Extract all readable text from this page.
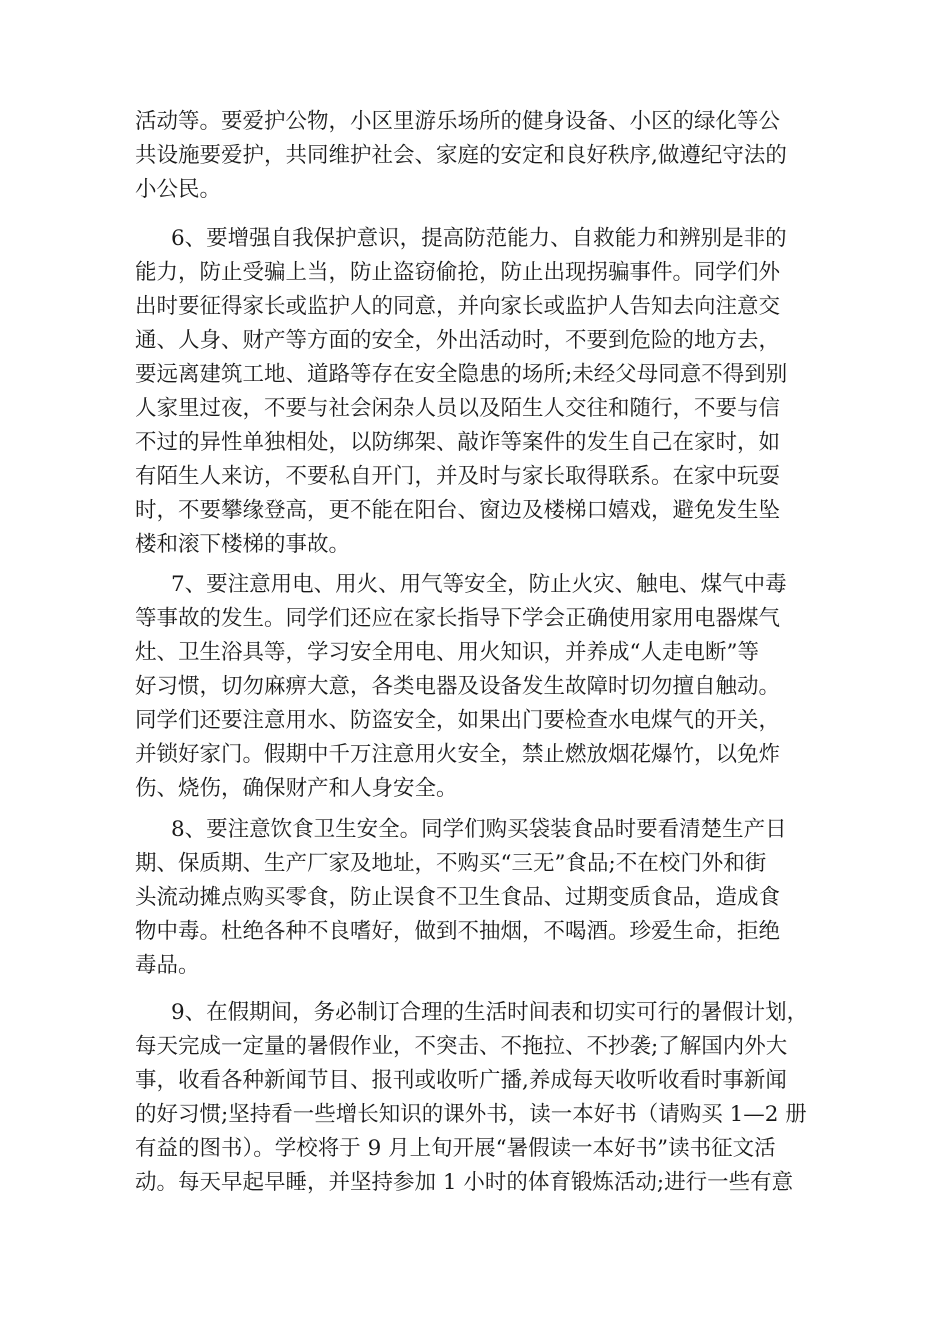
活动等。要爱护公物，小区里游乐场所的健身设备、小区的绿化等公
共设施要爱护，共同维护社会、家庭的安定和良好秩序,做遵纪守法的
小公民。
6、要增强自我保护意识，提高防范能力、自救能力和辨别是非的
能力，防止受骗上当，防止盗窃偷抢，防止出现拐骗事件。同学们外
出时要征得家长或监护人的同意，并向家长或监护人告知去向注意交
通、人身、财产等方面的安全，外出活动时，不要到危险的地方去，
要远离建筑工地、道路等存在安全隐患的场所;未经父母同意不得到别
人家里过夜，不要与社会闲杂人员以及陌生人交往和随行，不要与信
不过的异性单独相处，以防绑架、敲诈等案件的发生自己在家时，如
有陌生人来访，不要私自开门，并及时与家长取得联系。在家中玩耍
时，不要攀缘登高，更不能在阳台、窗边及楼梯口嬉戏，避免发生坠
楼和滚下楼梯的事故。
7、要注意用电、用火、用气等安全，防止火灾、触电、煤气中毒
等事故的发生。同学们还应在家长指导下学会正确使用家用电器煤气
灶、卫生浴具等，学习安全用电、用火知识，并养成“人走电断”等
好习惯，切勿麻痹大意，各类电器及设备发生故障时切勿擅自触动。
同学们还要注意用水、防盗安全，如果出门要检查水电煤气的开关，
并锁好家门。假期中千万注意用火安全，禁止燃放烟花爆竹，以免炸
伤、烧伤，确保财产和人身安全。
8、要注意饮食卫生安全。同学们购买袋装食品时要看清楚生产日
期、保质期、生产厂家及地址，不购买“三无”食品;不在校门外和街
头流动摊点购买零食，防止误食不卫生食品、过期变质食品，造成食
物中毒。杜绝各种不良嗜好，做到不抽烟，不喝酒。珍爱生命，拒绝
毒品。
9、在假期间，务必制订合理的生活时间表和切实可行的暑假计划，
每天完成一定量的暑假作业，不突击、不拖拉、不抄袭;了解国内外大
事，收看各种新闻节目、报刊或收听广播,养成每天收听收看时事新闻
的好习惯;坚持看一些增长知识的课外书，读一本好书（请购买 1—2 册
有益的图书）。学校将于 9 月上旬开展“暑假读一本好书”读书征文活
动。每天早起早睡，并坚持参加 1 小时的体育锻炼活动;进行一些有意
